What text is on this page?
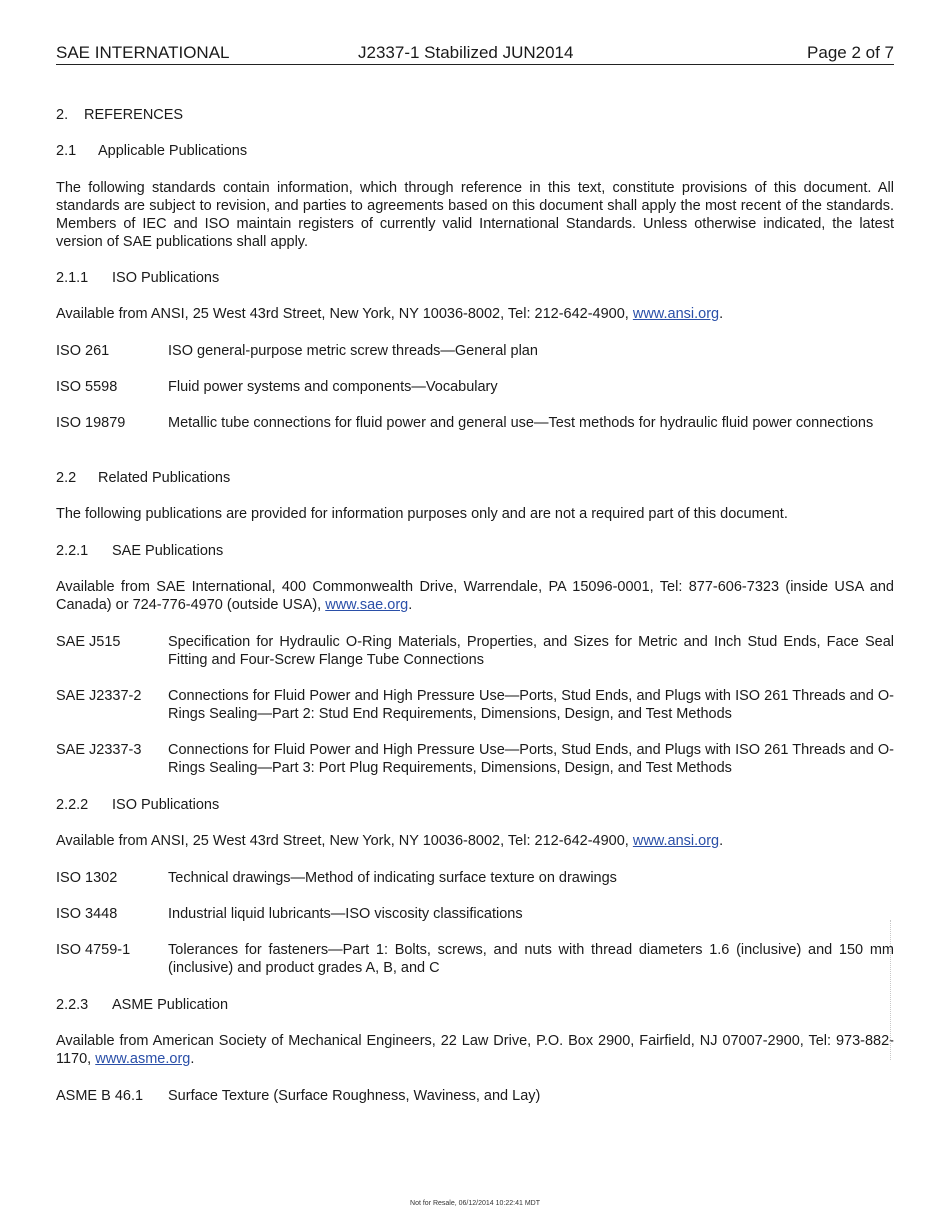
SAE INTERNATIONAL	J2337-1 Stabilized JUN2014	Page 2 of 7
2. REFERENCES
2.1 Applicable Publications
The following standards contain information, which through reference in this text, constitute provisions of this document. All standards are subject to revision, and parties to agreements based on this document shall apply the most recent of the standards. Members of IEC and ISO maintain registers of currently valid International Standards. Unless otherwise indicated, the latest version of SAE publications shall apply.
2.1.1 ISO Publications
Available from ANSI, 25 West 43rd Street, New York, NY 10036-8002, Tel: 212-642-4900, www.ansi.org.
ISO 261	ISO general-purpose metric screw threads—General plan
ISO 5598	Fluid power systems and components—Vocabulary
ISO 19879	Metallic tube connections for fluid power and general use—Test methods for hydraulic fluid power connections
2.2 Related Publications
The following publications are provided for information purposes only and are not a required part of this document.
2.2.1 SAE Publications
Available from SAE International, 400 Commonwealth Drive, Warrendale, PA 15096-0001, Tel: 877-606-7323 (inside USA and Canada) or 724-776-4970 (outside USA), www.sae.org.
SAE J515	Specification for Hydraulic O-Ring Materials, Properties, and Sizes for Metric and Inch Stud Ends, Face Seal Fitting and Four-Screw Flange Tube Connections
SAE J2337-2 Connections for Fluid Power and High Pressure Use—Ports, Stud Ends, and Plugs with ISO 261 Threads and O-Rings Sealing—Part 2: Stud End Requirements, Dimensions, Design, and Test Methods
SAE J2337-3 Connections for Fluid Power and High Pressure Use—Ports, Stud Ends, and Plugs with ISO 261 Threads and O-Rings Sealing—Part 3: Port Plug Requirements, Dimensions, Design, and Test Methods
2.2.2 ISO Publications
Available from ANSI, 25 West 43rd Street, New York, NY 10036-8002, Tel: 212-642-4900, www.ansi.org.
ISO 1302	Technical drawings—Method of indicating surface texture on drawings
ISO 3448	Industrial liquid lubricants—ISO viscosity classifications
ISO 4759-1	Tolerances for fasteners—Part 1: Bolts, screws, and nuts with thread diameters 1.6 (inclusive) and 150 mm (inclusive) and product grades A, B, and C
2.2.3 ASME Publication
Available from American Society of Mechanical Engineers, 22 Law Drive, P.O. Box 2900, Fairfield, NJ 07007-2900, Tel: 973-882-1170, www.asme.org.
ASME B 46.1 Surface Texture (Surface Roughness, Waviness, and Lay)
Not for Resale, 06/12/2014 10:22:41 MDT
